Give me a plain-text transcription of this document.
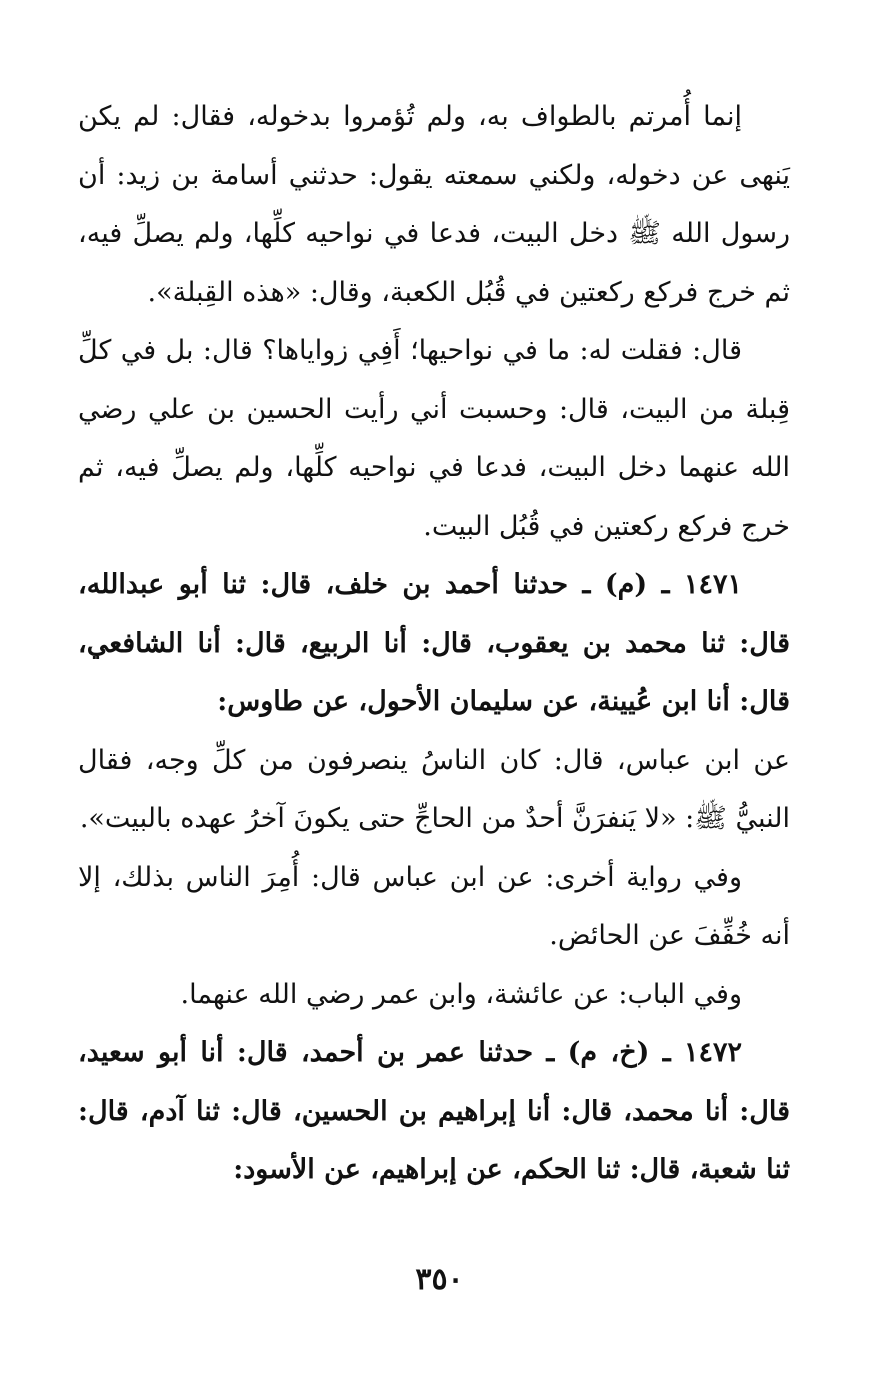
إنما أُمرتم بالطواف به، ولم تُؤمروا بدخوله، فقال: لم يكن يَنهى عن دخوله، ولكني سمعته يقول: حدثني أسامة بن زيد: أن رسول الله ﷺ دخل البيت، فدعا في نواحيه كلِّها، ولم يصلِّ فيه، ثم خرج فركع ركعتين في قُبُل الكعبة، وقال: «هذه القِبلة».

قال: فقلت له: ما في نواحيها؛ أَفِي زواياها؟ قال: بل في كلِّ قِبلة من البيت، قال: وحسبت أني رأيت الحسين بن علي رضي الله عنهما دخل البيت، فدعا في نواحيه كلِّها، ولم يصلِّ فيه، ثم خرج فركع ركعتين في قُبُل البيت.

١٤٧١ ـ (م) ـ حدثنا أحمد بن خلف، قال: ثنا أبو عبدالله، قال: ثنا محمد بن يعقوب، قال: أنا الربيع، قال: أنا الشافعي، قال: أنا ابن عُيينة، عن سليمان الأحول، عن طاوس:

عن ابن عباس، قال: كان الناسُ ينصرفون من كلِّ وجه، فقال النبيُّ ﷺ: «لا يَنفرَنَّ أحدٌ من الحاجِّ حتى يكونَ آخرُ عهده بالبيت».

وفي رواية أخرى: عن ابن عباس قال: أُمِرَ الناس بذلك، إلا أنه خُفِّفَ عن الحائض.

وفي الباب: عن عائشة، وابن عمر رضي الله عنهما.

١٤٧٢ ـ (خ، م) ـ حدثنا عمر بن أحمد، قال: أنا أبو سعيد، قال: أنا محمد، قال: أنا إبراهيم بن الحسين، قال: ثنا آدم، قال: ثنا شعبة، قال: ثنا الحكم، عن إبراهيم، عن الأسود:

٣٥٠
